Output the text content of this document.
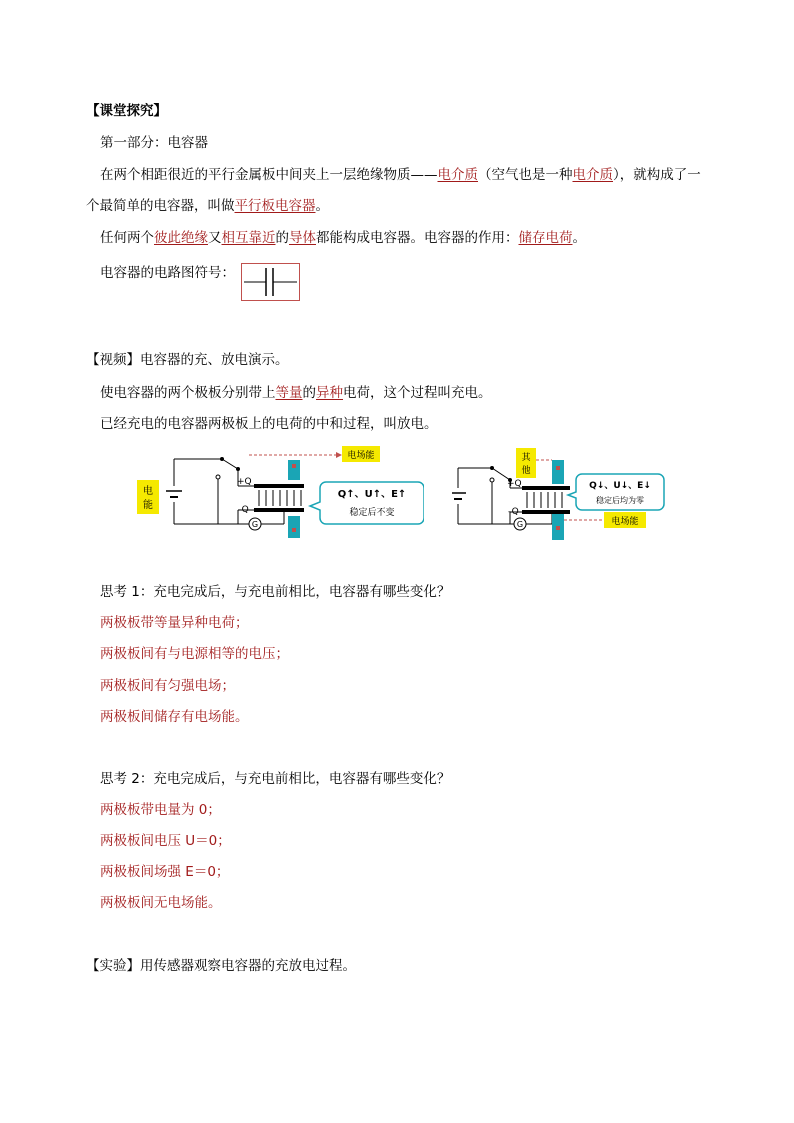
【课堂探究】
第一部分：电容器
在两个相距很近的平行金属板中间夹上一层绝缘物质——电介质（空气也是一种电介质），就构成了一
个最简单的电容器，叫做平行板电容器。
任何两个彼此绝缘又相互靠近的导体都能构成电容器。电容器的作用：储存电荷。
电容器的电路图符号：
【视频】电容器的充、放电演示。
使电容器的两个极板分别带上等量的异种电荷，这个过程叫充电。
已经充电的电容器两极板上的电荷的中和过程，叫放电。
G
+Q
-Q
电
能
电场能
Q↑、U↑、E↑
稳定后不变
G
+Q
-Q
其
他
Q↓、U↓、E↓
稳定后均为零
电场能
思考 1：充电完成后，与充电前相比，电容器有哪些变化？
两极板带等量异种电荷；
两极板间有与电源相等的电压；
两极板间有匀强电场；
两极板间储存有电场能。
思考 2：充电完成后，与充电前相比，电容器有哪些变化？
两极板带电量为 0；
两极板间电压 U＝0；
两极板间场强 E＝0；
两极板间无电场能。
【实验】用传感器观察电容器的充放电过程。
